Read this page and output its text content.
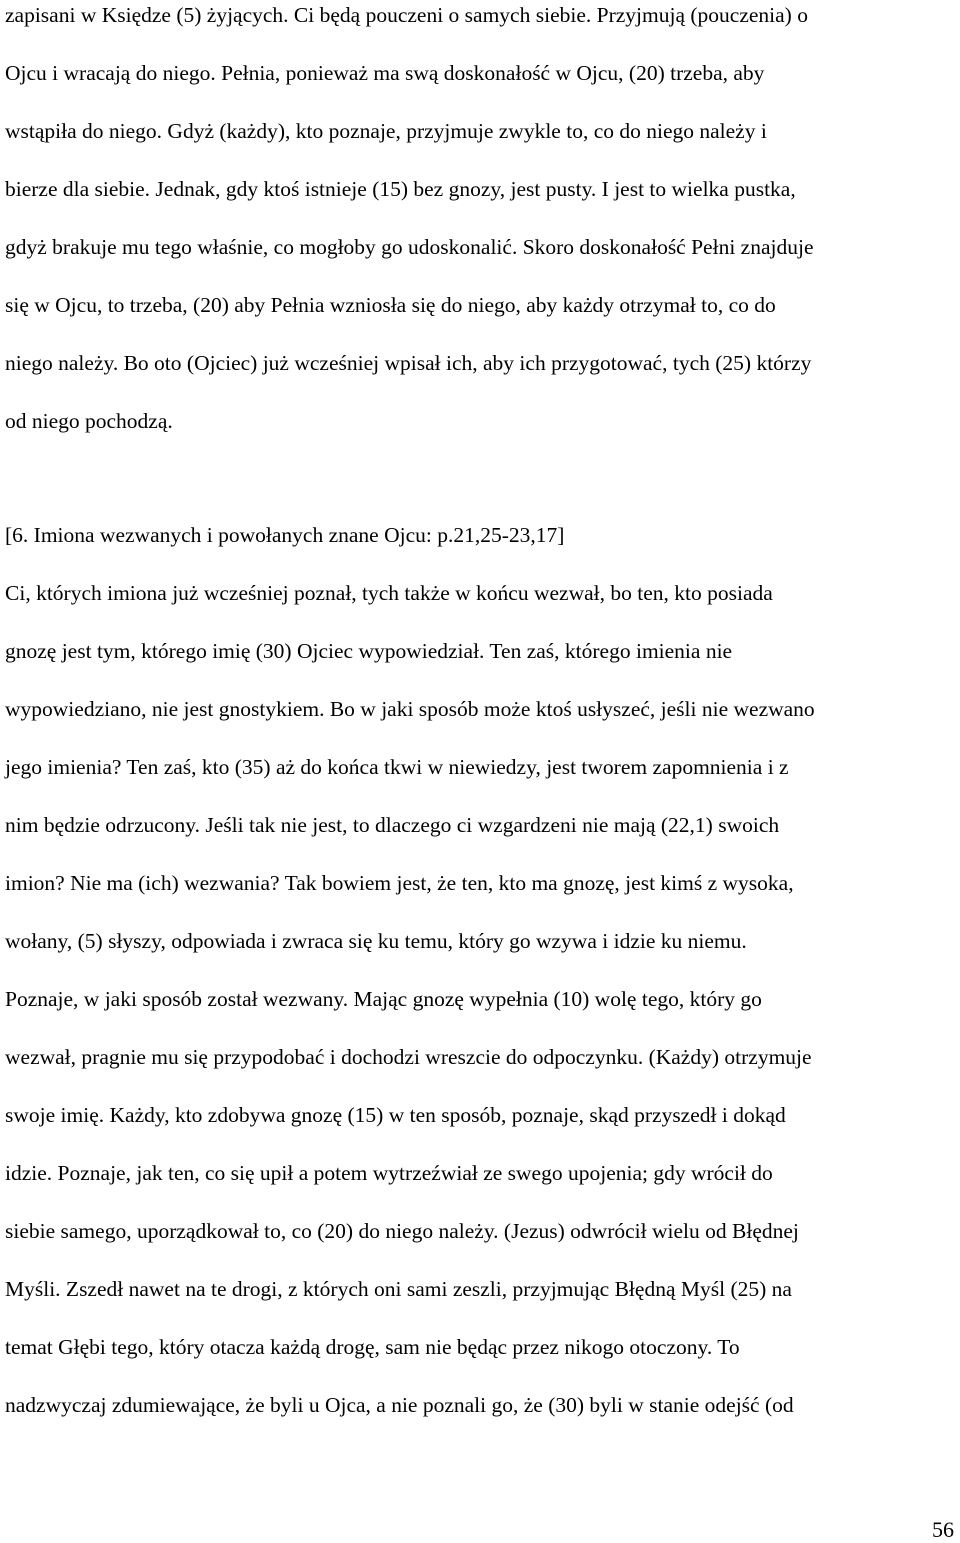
zapisani w Księdze (5) żyjących. Ci będą pouczeni o samych siebie. Przyjmują (pouczenia) o
Ojcu i wracają do niego. Pełnia, ponieważ ma swą doskonałość w Ojcu, (20) trzeba, aby
wstąpiła do niego. Gdyż (każdy), kto poznaje, przyjmuje zwykle to, co do niego należy i
bierze dla siebie. Jednak, gdy ktoś istnieje (15) bez gnozy, jest pusty. I jest to wielka pustka,
gdyż brakuje mu tego właśnie, co mogłoby go udoskonalić. Skoro doskonałość Pełni znajduje
się w Ojcu, to trzeba, (20) aby Pełnia wzniosła się do niego, aby każdy otrzymał to, co do
niego należy. Bo oto (Ojciec) już wcześniej wpisał ich, aby ich przygotować, tych (25) którzy
od niego pochodzą.
[6. Imiona wezwanych i powołanych znane Ojcu: p.21,25-23,17]
Ci, których imiona już wcześniej poznał, tych także w końcu wezwał, bo ten, kto posiada
gnozę jest tym, którego imię (30) Ojciec wypowiedział. Ten zaś, którego imienia nie
wypowiedziano, nie jest gnostykiem. Bo w jaki sposób może ktoś usłyszeć, jeśli nie wezwano
jego imienia? Ten zaś, kto (35) aż do końca tkwi w niewiedzy, jest tworem zapomnienia i z
nim będzie odrzucony. Jeśli tak nie jest, to dlaczego ci wzgardzeni nie mają (22,1) swoich
imion? Nie ma (ich) wezwania? Tak bowiem jest, że ten, kto ma gnozę, jest kimś z wysoka,
wołany, (5) słyszy, odpowiada i zwraca się ku temu, który go wzywa i idzie ku niemu.
Poznaje, w jaki sposób został wezwany. Mając gnozę wypełnia (10) wolę tego, który go
wezwał, pragnie mu się przypodobać i dochodzi wreszcie do odpoczynku. (Każdy) otrzymuje
swoje imię. Każdy, kto zdobywa gnozę (15) w ten sposób, poznaje, skąd przyszedł i dokąd
idzie. Poznaje, jak ten, co się upił a potem wytrzeźwiał ze swego upojenia; gdy wrócił do
siebie samego, uporządkował to, co (20) do niego należy. (Jezus) odwrócił wielu od Błędnej
Myśli. Zszedł nawet na te drogi, z których oni sami zeszli, przyjmując Błędną Myśl (25) na
temat Głębi tego, który otacza każdą drogę, sam nie będąc przez nikogo otoczony. To
nadzwyczaj zdumiewające, że byli u Ojca, a nie poznali go, że (30) byli w stanie odejść (od
56
